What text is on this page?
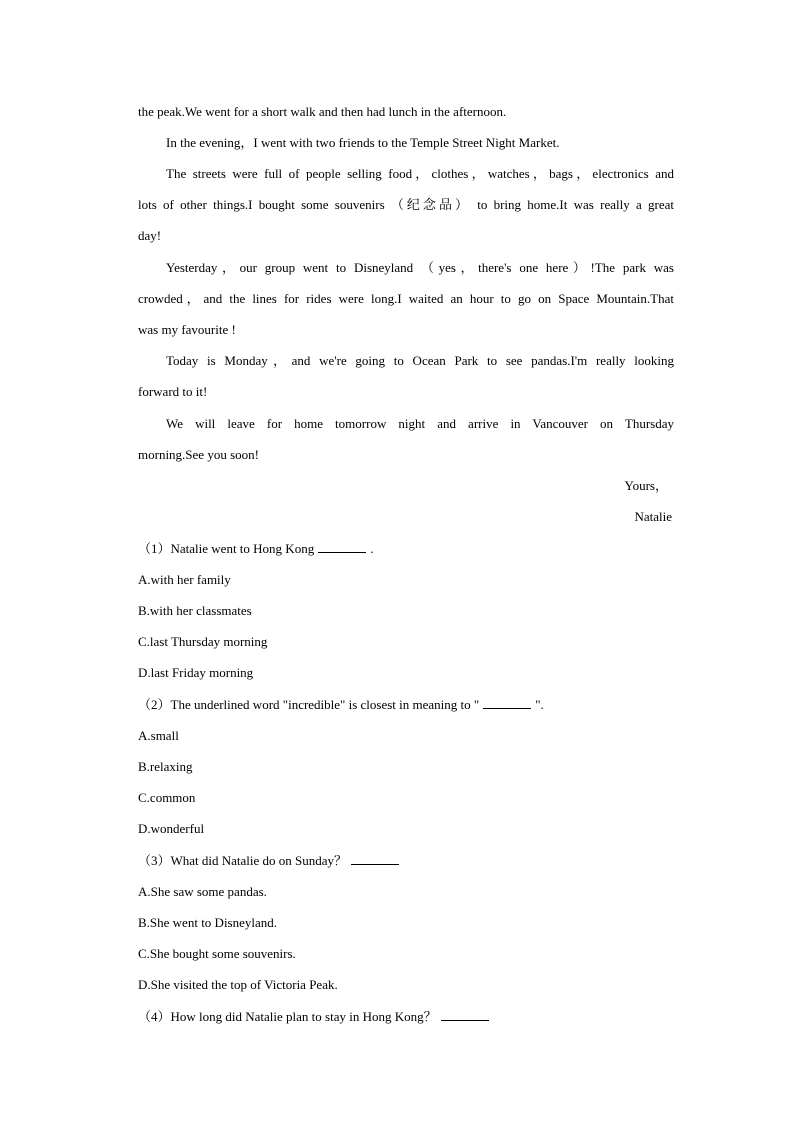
the peak.We went for a short walk and then had lunch in the afternoon.
In the evening，I went with two friends to the Temple Street Night Market.
The streets were full of people selling food，clothes，watches，bags，electronics and
lots of other things.I bought some souvenirs （纪念品） to bring home.It was really a great
day!
Yesterday，our group went to Disneyland （yes，there's one here）!The park was
crowded，and the lines for rides were long.I waited an hour to go on Space Mountain.That
was my favourite !
Today is Monday，and we're going to Ocean Park to see pandas.I'm really looking
forward to it!
We will leave for home tomorrow night and arrive in Vancouver on Thursday
morning.See you soon!
Yours，
Natalie
（1）Natalie went to Hong Kong	.
A.with her family
B.with her classmates
C.last Thursday morning
D.last Friday morning
（2）The underlined word "incredible" is closest in meaning to "	".
A.small
B.relaxing
C.common
D.wonderful
（3）What did Natalie do on Sunday？
A.She saw some pandas.
B.She went to Disneyland.
C.She bought some souvenirs.
D.She visited the top of Victoria Peak.
（4）How long did Natalie plan to stay in Hong Kong？
